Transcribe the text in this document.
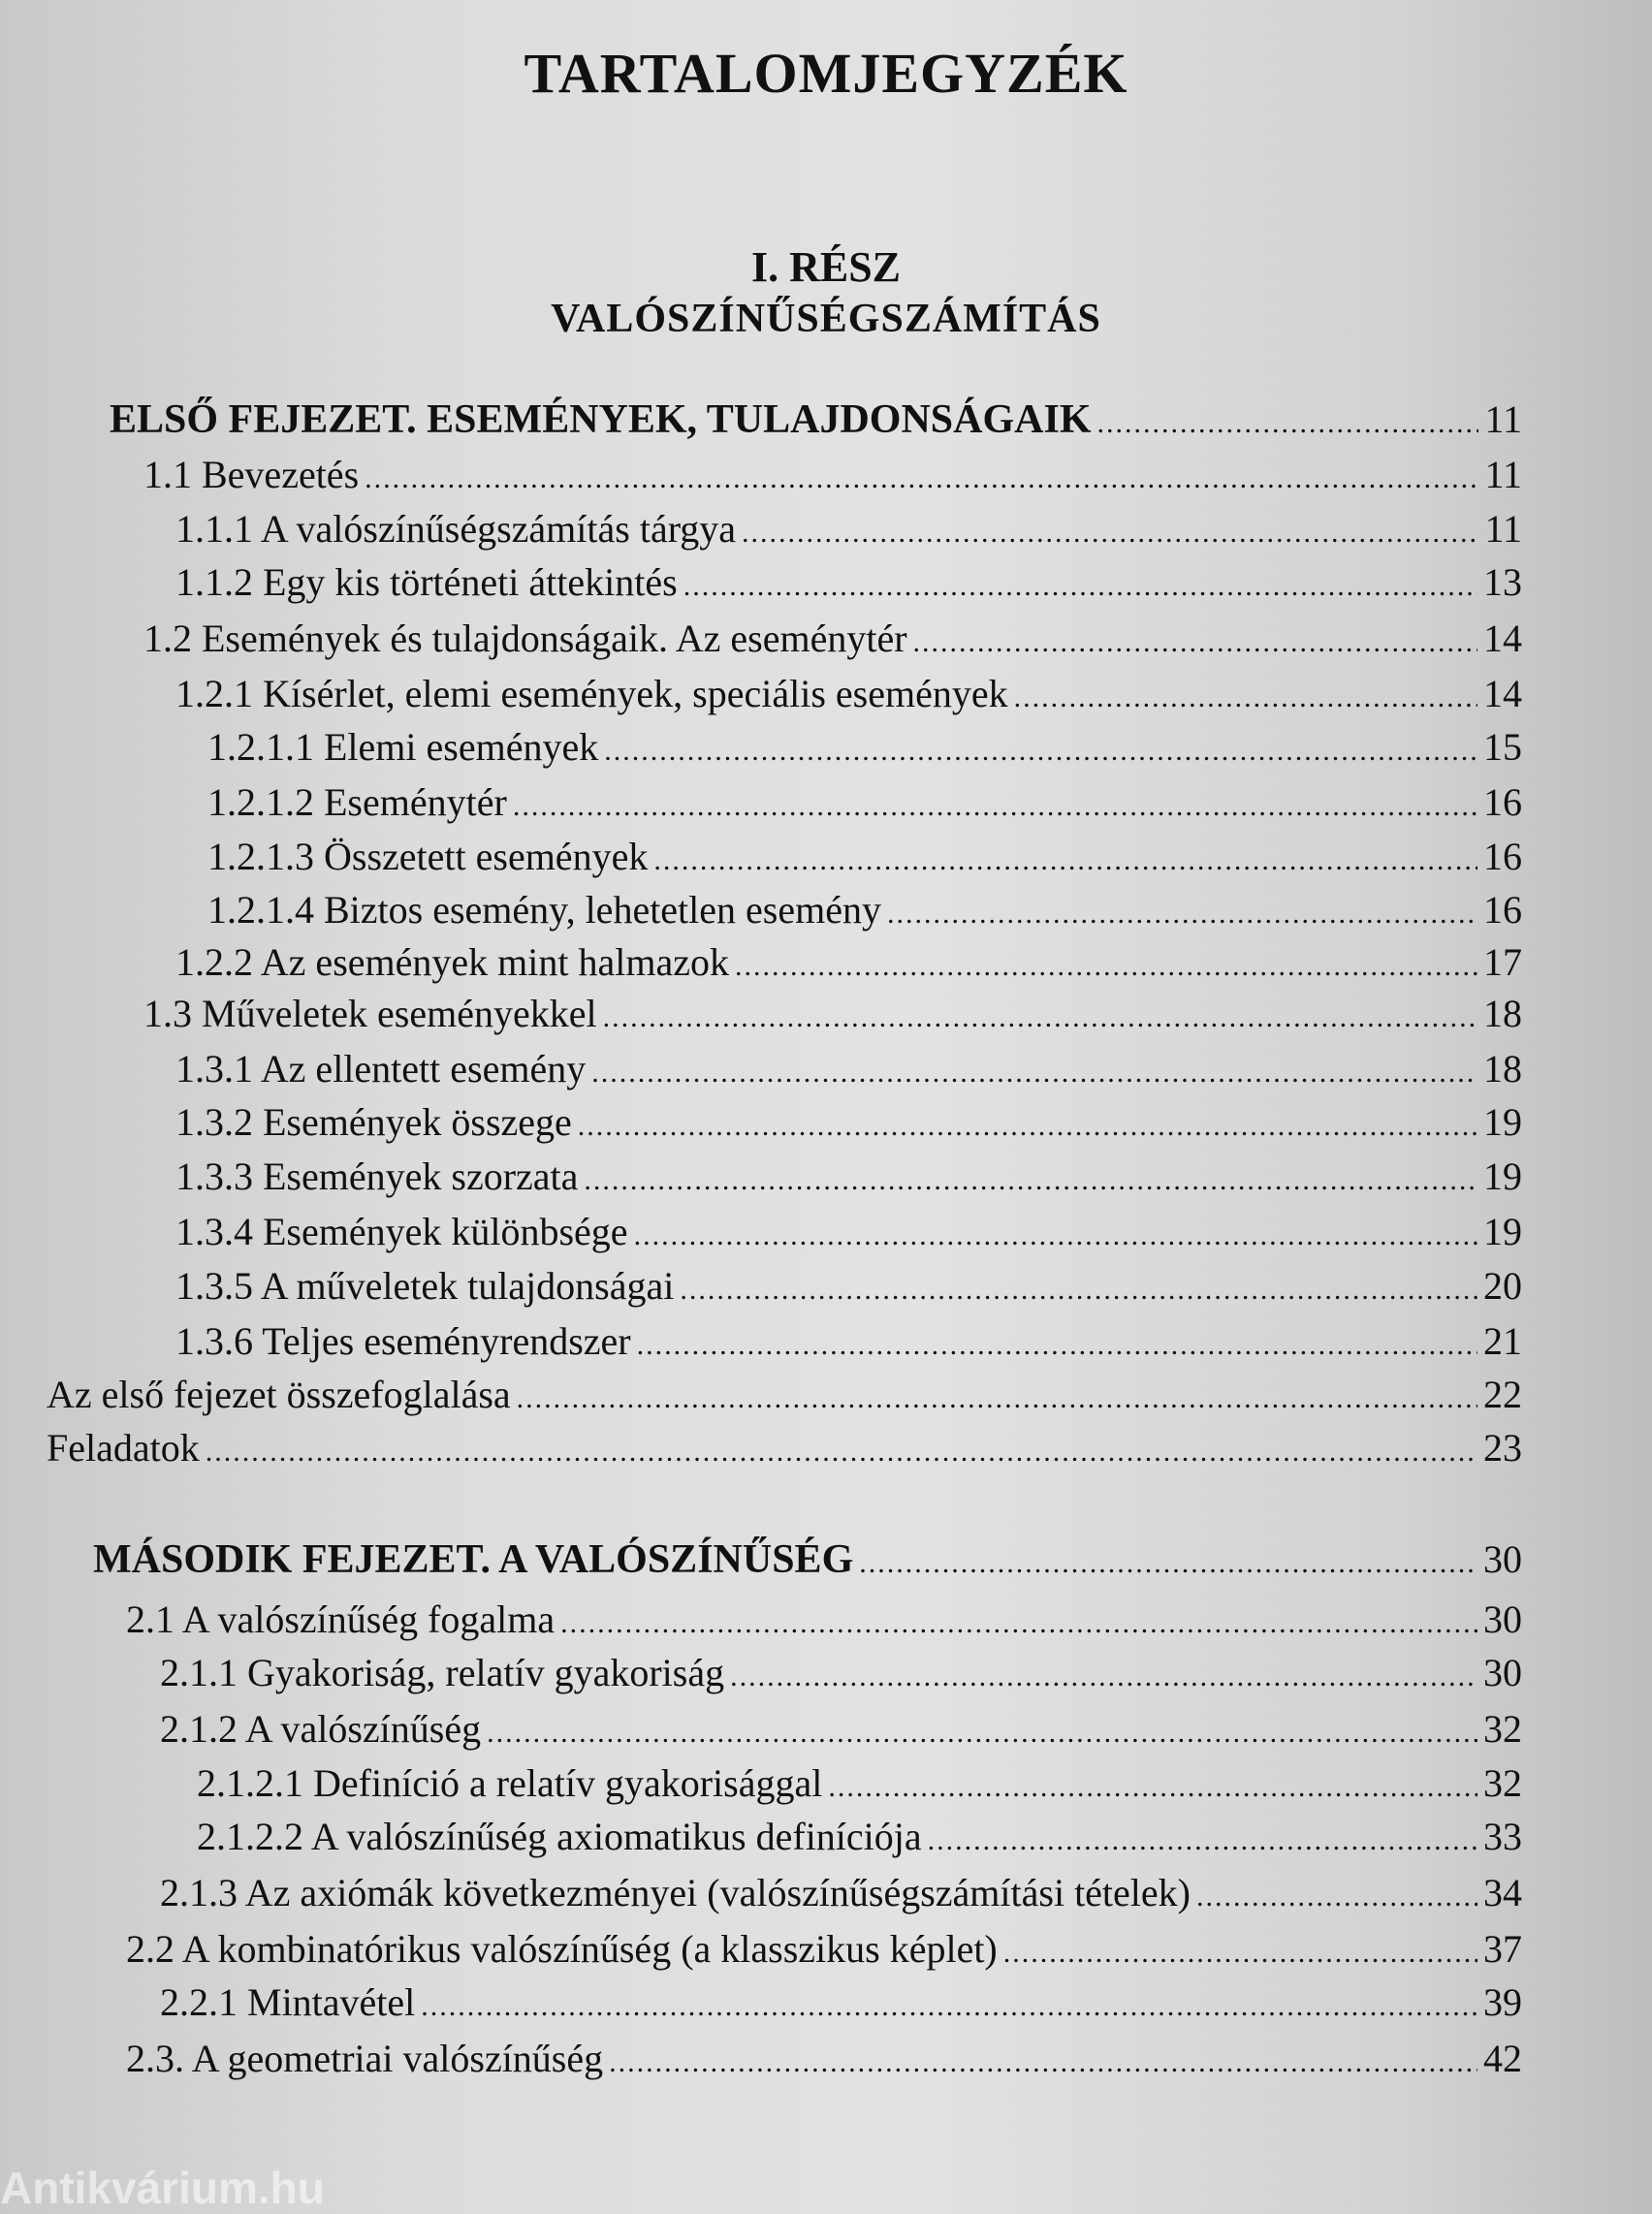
TARTALOMJEGYZÉK
I. RÉSZ
VALÓSZÍNŰSÉGSZÁMÍTÁS
ELSŐ FEJEZET. ESEMÉNYEK, TULAJDONSÁGAIK .....	11
1.1 Bevezetés .....	11
1.1.1 A valószínűségszámítás tárgya .....	11
1.1.2 Egy kis történeti áttekintés .....	13
1.2 Események és tulajdonságaik. Az eseménytér .....	14
1.2.1 Kísérlet, elemi események, speciális események .....	14
1.2.1.1 Elemi események .....	15
1.2.1.2 Eseménytér .....	16
1.2.1.3 Összetett események .....	16
1.2.1.4 Biztos esemény, lehetetlen esemény .....	16
1.2.2 Az események mint halmazok .....	17
1.3 Műveletek eseményekkel .....	18
1.3.1 Az ellentett esemény .....	18
1.3.2 Események összege .....	19
1.3.3 Események szorzata .....	19
1.3.4 Események különbsége .....	19
1.3.5 A műveletek tulajdonságai .....	20
1.3.6 Teljes eseményrendszer .....	21
Az első fejezet összefoglalása .....	22
Feladatok .....	23
MÁSODIK FEJEZET. A VALÓSZÍNŰSÉG .....	30
2.1 A valószínűség fogalma .....	30
2.1.1 Gyakoriság, relatív gyakoriság .....	30
2.1.2 A valószínűség .....	32
2.1.2.1 Definíció a relatív gyakorisággal .....	32
2.1.2.2 A valószínűség axiomatikus definíciója .....	33
2.1.3 Az axiómák következményei (valószínűségszámítási tételek) .....	34
2.2 A kombinatórikus valószínűség (a klasszikus képlet) .....	37
2.2.1 Mintavétel .....	39
2.3. A geometriai valószínűség .....	42
Antikvárium.hu
